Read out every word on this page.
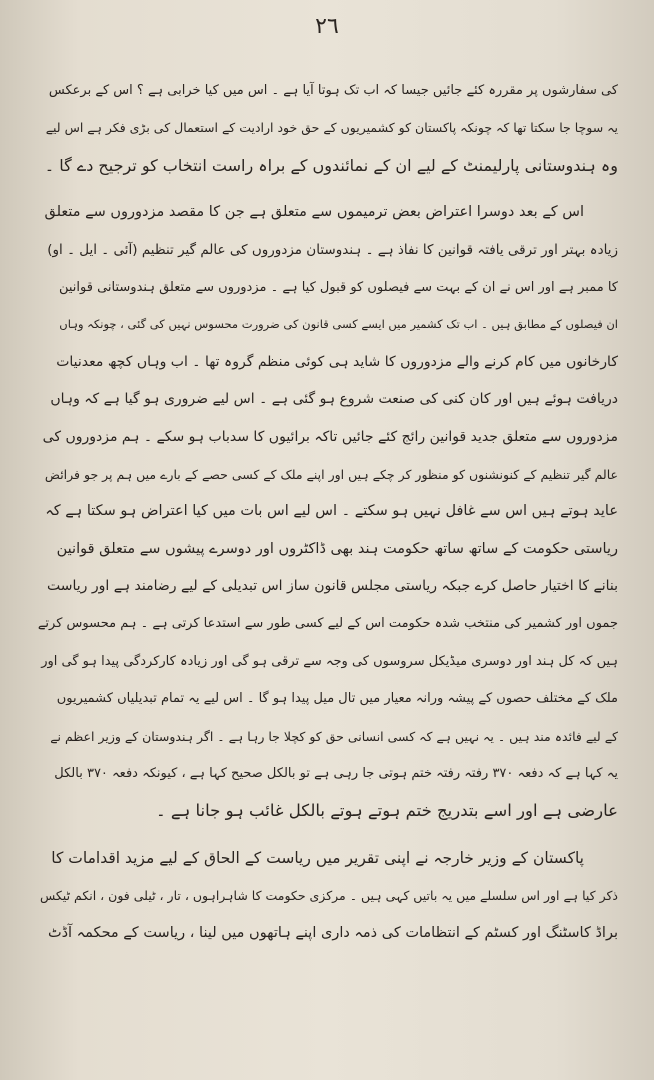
٢٦
کی سفارشوں پر مقررہ کئے جائیں جیسا کہ اب تک ہوتا آیا ہے ۔ اس میں کیا خرابی ہے ؟ اس کے برعکس
یہ سوچا جا سکتا تھا کہ چونکہ پاکستان کو کشمیریوں کے حق خود ارادیت کے استعمال کی بڑی فکر ہے اس لیے
وہ ہندوستانی پارلیمنٹ کے لیے ان کے نمائندوں کے براہ راست انتخاب کو ترجیح دے گا ۔
اس کے بعد دوسرا اعتراض بعض ترمیموں سے متعلق ہے جن کا مقصد مزدوروں سے متعلق
زیادہ بہتر اور ترقی یافتہ قوانین کا نفاذ ہے ۔ ہندوستان مزدوروں کی عالم گیر تنظیم (آئی ۔ ایل ۔ او)
کا ممبر ہے اور اس نے ان کے بہت سے فیصلوں کو قبول کیا ہے ۔ مزدوروں سے متعلق ہندوستانی قوانین
ان فیصلوں کے مطابق ہیں ۔ اب تک کشمیر میں ایسے کسی قانون کی ضرورت محسوس نہیں کی گئی ، چونکہ وہاں
کارخانوں میں کام کرنے والے مزدوروں کا شاید ہی کوئی منظم گروہ تھا ۔ اب وہاں کچھ معدنیات
دریافت ہوئے ہیں اور کان کنی کی صنعت شروع ہو گئی ہے ۔ اس لیے ضروری ہو گیا ہے کہ وہاں
مزدوروں سے متعلق جدید قوانین رائج کئے جائیں تاکہ برائیوں کا سدباب ہو سکے ۔ ہم مزدوروں کی
عالم گیر تنظیم کے کنونشنوں کو منظور کر چکے ہیں اور اپنے ملک کے کسی حصے کے بارے میں ہم پر جو فرائض
عاید ہوتے ہیں اس سے غافل نہیں ہو سکتے ۔ اس لیے اس بات میں کیا اعتراض ہو سکتا ہے کہ
ریاستی حکومت کے ساتھ ساتھ حکومت ہند بھی ڈاکٹروں اور دوسرے پیشوں سے متعلق قوانین
بنانے کا اختیار حاصل کرے جبکہ ریاستی مجلس قانون ساز اس تبدیلی کے لیے رضامند ہے اور ریاست
جموں اور کشمیر کی منتخب شدہ حکومت اس کے لیے کسی طور سے استدعا کرتی ہے ۔ ہم محسوس کرتے
ہیں کہ کل ہند اور دوسری میڈیکل سروسوں کی وجہ سے ترقی ہو گی اور زیادہ کارکردگی پیدا ہو گی اور
ملک کے مختلف حصوں کے پیشہ ورانہ معیار میں تال میل پیدا ہو گا ۔ اس لیے یہ تمام تبدیلیاں کشمیریوں
کے لیے فائدہ مند ہیں ۔ یہ نہیں ہے کہ کسی انسانی حق کو کچلا جا رہا ہے ۔ اگر ہندوستان کے وزیر اعظم نے
یہ کہا ہے کہ دفعہ ۳۷۰ رفتہ رفتہ ختم ہوتی جا رہی ہے تو بالکل صحیح کہا ہے ، کیونکہ دفعہ ۳۷۰ بالکل
عارضی ہے اور اسے بتدریج ختم ہوتے ہوتے بالکل غائب ہو جانا ہے ۔
پاکستان کے وزیر خارجہ نے اپنی تقریر میں ریاست کے الحاق کے لیے مزید اقدامات کا
ذکر کیا ہے اور اس سلسلے میں یہ باتیں کہی ہیں ۔ مرکزی حکومت کا شاہراہوں ، تار ، ٹیلی فون ، انکم ٹیکس
براڈ کاسٹنگ اور کسٹم کے انتظامات کی ذمہ داری اپنے ہاتھوں میں لینا ، ریاست کے محکمہ آڈٹ
